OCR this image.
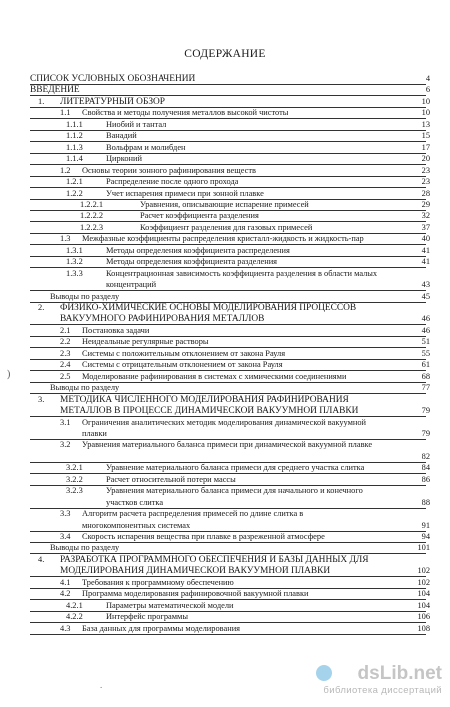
СОДЕРЖАНИЕ
СПИСОК УСЛОВНЫХ ОБОЗНАЧЕНИЙ	4
ВВЕДЕНИЕ	6
1. ЛИТЕРАТУРНЫЙ ОБЗОР	10
1.1 Свойства и методы получения металлов высокой чистоты	10
1.1.1	Ниобий и тантал	13
1.1.2	Ванадий	15
1.1.3	Вольфрам и молибден	17
1.1.4	Цирконий	20
1.2 Основы теории зонного рафинирования веществ	23
1.2.1	Распределение после одного прохода	23
1.2.2	Учет испарения примеси при зонной плавке	28
1.2.2.1	Уравнения, описывающие испарение примесей	29
1.2.2.2	Расчет коэффициента разделения	32
1.2.2.3	Коэффициент разделения для газовых примесей	37
1.3 Межфазные коэффициенты распределения кристалл-жидкость и жидкость-пар	40
1.3.1	Методы определения коэффициента распределения	41
1.3.2	Методы определения коэффициента разделения	41
1.3.3	Концентрационная зависимость коэффициента разделения в области малых
концентраций	43
Выводы по разделу	45
2. ФИЗИКО-ХИМИЧЕСКИЕ ОСНОВЫ МОДЕЛИРОВАНИЯ ПРОЦЕССОВ
ВАКУУМНОГО РАФИНИРОВАНИЯ МЕТАЛЛОВ	46
2.1 Постановка задачи	46
2.2 Неидеальные регулярные растворы	51
2.3 Системы с положительным отклонением от закона Рауля	55
2.4 Системы с отрицательным отклонением от закона Рауля	61
2.5 Моделирование рафинирования в системах с химическими соединениями	68
Выводы по разделу	77
3. МЕТОДИКА ЧИСЛЕННОГО МОДЕЛИРОВАНИЯ РАФИНИРОВАНИЯ
МЕТАЛЛОВ В ПРОЦЕССЕ ДИНАМИЧЕСКОЙ ВАКУУМНОЙ ПЛАВКИ	79
3.1 Ограничения аналитических методик моделирования динамической вакуумной
плавки	79
3.2 Уравнения материального баланса примеси при динамической вакуумной плавке
82
3.2.1	Уравнение материального баланса примеси для среднего участка слитка	84
3.2.2	Расчет относительной потери массы	86
3.2.3	Уравнения материального баланса примеси для начального и конечного
участков слитка	88
3.3 Алгоритм расчета распределения примесей по длине слитка в
многокомпонентных системах	91
3.4 Скорость испарения вещества при плавке в разреженной атмосфере	94
Выводы по разделу	101
4. РАЗРАБОТКА ПРОГРАММНОГО ОБЕСПЕЧЕНИЯ И БАЗЫ ДАННЫХ ДЛЯ
МОДЕЛИРОВАНИЯ ДИНАМИЧЕСКОЙ ВАКУУМНОЙ ПЛАВКИ	102
4.1 Требования к программному обеспечению	102
4.2 Программа моделирования рафинировочной вакуумной плавки	104
4.2.1	Параметры математической модели	104
4.2.2	Интерфейс программы	106
4.3 База данных для программы моделирования	108
)
.
dsLib.net
библиотека диссертаций
